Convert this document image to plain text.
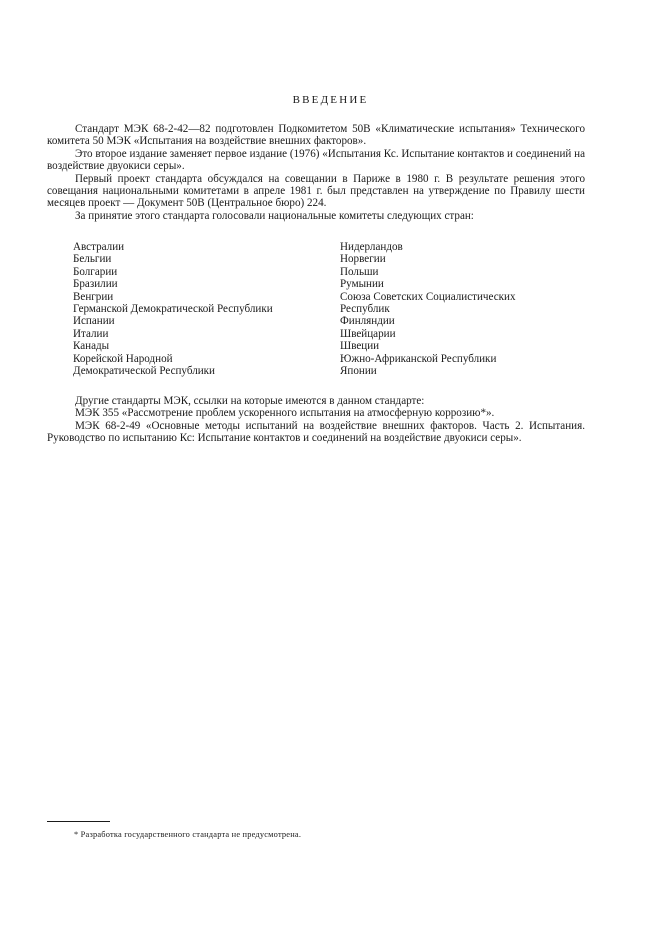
ВВЕДЕНИЕ

Стандарт МЭК 68-2-42—82 подготовлен Подкомитетом 50В «Климатические испытания» Технического комитета 50 МЭК «Испытания на воздействие внешних факторов».

Это второе издание заменяет первое издание (1976) «Испытания Кс. Испытание контактов и соединений на воздействие двуокиси серы».

Первый проект стандарта обсуждался на совещании в Париже в 1980 г. В результате решения этого совещания национальными комитетами в апреле 1981 г. был представлен на утверждение по Правилу шести месяцев проект — Документ 50В (Центральное бюро) 224.

За принятие этого стандарта голосовали национальные комитеты следующих стран:

Австралии
Бельгии
Болгарии
Бразилии
Венгрии
Германской Демократической Республики
Испании
Италии
Канады
Корейской Народной
Демократической Республики
Нидерландов
Норвегии
Польши
Румынии
Союза Советских Социалистических
Республик
Финляндии
Швейцарии
Швеции
Южно-Африканской Республики
Японии

Другие стандарты МЭК, ссылки на которые имеются в данном стандарте:

МЭК 355 «Рассмотрение проблем ускоренного испытания на атмосферную коррозию*».

МЭК 68-2-49 «Основные методы испытаний на воздействие внешних факторов. Часть 2. Испытания. Руководство по испытанию Кс: Испытание контактов и соединений на воздействие двуокиси серы».

* Разработка государственного стандарта не предусмотрена.
